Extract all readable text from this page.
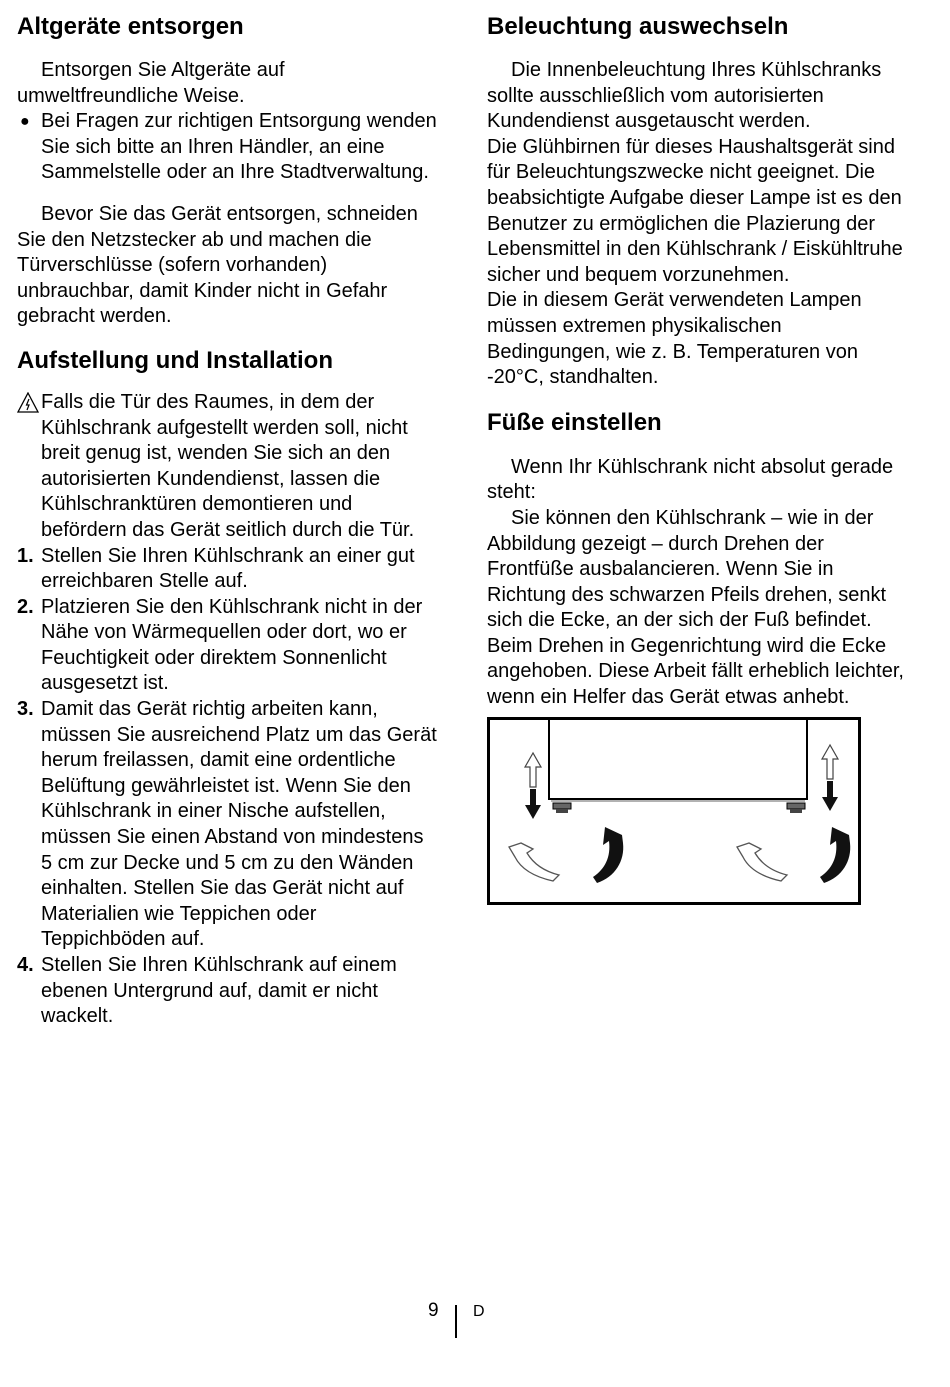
Altgeräte entsorgen

Entsorgen Sie Altgeräte auf umweltfreundliche Weise.

● Bei Fragen zur richtigen Entsorgung wenden Sie sich bitte an Ihren Händler, an eine Sammelstelle oder an Ihre Stadtverwaltung.

Bevor Sie das Gerät entsorgen, schneiden Sie den Netzstecker ab und machen die Türverschlüsse (sofern vorhanden) unbrauchbar, damit Kinder nicht in Gefahr gebracht werden.

Aufstellung und Installation
Falls die Tür des Raumes, in dem der Kühlschrank aufgestellt werden soll, nicht breit genug ist, wenden Sie sich an den autorisierten Kundendienst, lassen die Kühlschranktüren demontieren und befördern das Gerät seitlich durch die Tür.
1. Stellen Sie Ihren Kühlschrank an einer gut erreichbaren Stelle auf.
2. Platzieren Sie den Kühlschrank nicht in der Nähe von Wärmequellen oder dort, wo er Feuchtigkeit oder direktem Sonnenlicht ausgesetzt ist.
3. Damit das Gerät richtig arbeiten kann, müssen Sie ausreichend Platz um das Gerät herum freilassen, damit eine ordentliche Belüftung gewährleistet ist. Wenn Sie den Kühlschrank in einer Nische aufstellen, müssen Sie einen Abstand von mindestens 5 cm zur Decke und 5 cm zu den Wänden einhalten. Stellen Sie das Gerät nicht auf Materialien wie Teppichen oder Teppichböden auf.
4. Stellen Sie Ihren Kühlschrank auf einem ebenen Untergrund auf, damit er nicht wackelt.
Beleuchtung auswechseln

Die Innenbeleuchtung Ihres Kühlschranks sollte ausschließlich vom autorisierten Kundendienst ausgetauscht werden.

Die Glühbirnen für dieses Haushaltsgerät sind für Beleuchtungszwecke nicht geeignet. Die beabsichtigte Aufgabe dieser Lampe ist es den Benutzer zu ermöglichen die Plazierung der Lebensmittel in den Kühlschrank / Eiskühltruhe sicher und bequem vorzunehmen.

Die in diesem Gerät verwendeten Lampen müssen extremen physikalischen Bedingungen, wie z. B. Temperaturen von -20°C, standhalten.

Füße einstellen

Wenn Ihr Kühlschrank nicht absolut gerade steht:

Sie können den Kühlschrank – wie in der Abbildung gezeigt – durch Drehen der Frontfüße ausbalancieren. Wenn Sie in Richtung des schwarzen Pfeils drehen, senkt sich die Ecke, an der sich der Fuß befindet. Beim Drehen in Gegenrichtung wird die Ecke angehoben. Diese Arbeit fällt erheblich leichter, wenn ein Helfer das Gerät etwas anhebt.

9 D
